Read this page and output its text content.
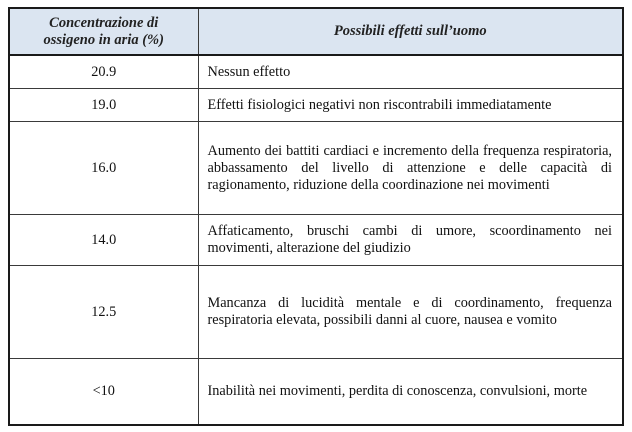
Concentrazione di
ossigeno in aria (%)	Possibili effetti sull’uomo
20.9	Nessun effetto
19.0	Effetti fisiologici negativi non riscontrabili immediatamente
16.0	Aumento dei battiti cardiaci e incremento della frequenza respiratoria, abbassamento del livello di attenzione e delle capacità di ragionamento, riduzione della coordinazione nei movimenti
14.0	Affaticamento, bruschi cambi di umore, scoordinamento nei movimenti, alterazione del giudizio
12.5	Mancanza di lucidità mentale e di coordinamento, frequenza respiratoria elevata, possibili danni al cuore, nausea e vomito
<10	Inabilità nei movimenti, perdita di conoscenza, convulsioni, morte
